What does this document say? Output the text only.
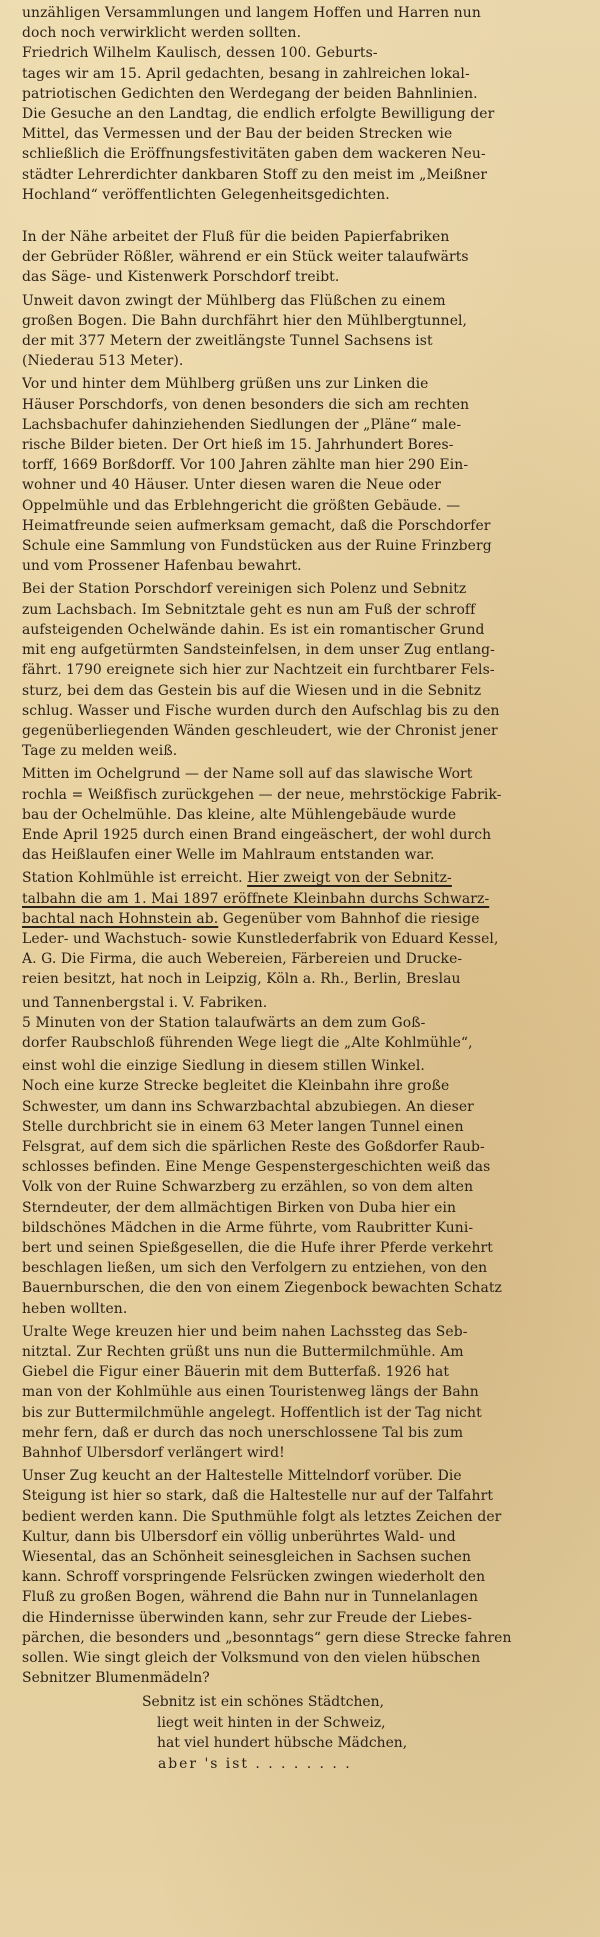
unzähligen Versammlungen und langem Hoffen und Harren nun
doch noch verwirklicht werden sollten.
Friedrich Wilhelm Kaulisch, dessen 100. Geburts-
tages wir am 15. April gedachten, besang in zahlreichen lokal-
patriotischen Gedichten den Werdegang der beiden Bahnlinien.
Die Gesuche an den Landtag, die endlich erfolgte Bewilligung der
Mittel, das Vermessen und der Bau der beiden Strecken wie
schließlich die Eröffnungsfestivitäten gaben dem wackeren Neu-
städter Lehrerdichter dankbaren Stoff zu den meist im „Meißner
Hochland“ veröffentlichten Gelegenheitsgedichten.
In der Nähe arbeitet der Fluß für die beiden Papierfabriken
der Gebrüder Rößler, während er ein Stück weiter talaufwärts
das Säge- und Kistenwerk Porschdorf treibt.
Unweit davon zwingt der Mühlberg das Flüßchen zu einem
großen Bogen. Die Bahn durchfährt hier den Mühlbergtunnel,
der mit 377 Metern der zweitlängste Tunnel Sachsens ist
(Niederau 513 Meter).
Vor und hinter dem Mühlberg grüßen uns zur Linken die
Häuser Porschdorfs, von denen besonders die sich am rechten
Lachsbachufer dahinziehenden Siedlungen der „Pläne“ male-
rische Bilder bieten. Der Ort hieß im 15. Jahrhundert Bores-
torff, 1669 Borßdorff. Vor 100 Jahren zählte man hier 290 Ein-
wohner und 40 Häuser. Unter diesen waren die Neue oder
Oppelmühle und das Erblehngericht die größten Gebäude. —
Heimatfreunde seien aufmerksam gemacht, daß die Porschdorfer
Schule eine Sammlung von Fundstücken aus der Ruine Frinzberg
und vom Prossener Hafenbau bewahrt.
Bei der Station Porschdorf vereinigen sich Polenz und Sebnitz
zum Lachsbach. Im Sebnitztale geht es nun am Fuß der schroff
aufsteigenden Ochelwände dahin. Es ist ein romantischer Grund
mit eng aufgetürmten Sandsteinfelsen, in dem unser Zug entlang-
fährt. 1790 ereignete sich hier zur Nachtzeit ein furchtbarer Fels-
sturz, bei dem das Gestein bis auf die Wiesen und in die Sebnitz
schlug. Wasser und Fische wurden durch den Aufschlag bis zu den
gegenüberliegenden Wänden geschleudert, wie der Chronist jener
Tage zu melden weiß.
Mitten im Ochelgrund — der Name soll auf das slawische Wort
rochla = Weißfisch zurückgehen — der neue, mehrstöckige Fabrik-
bau der Ochelmühle. Das kleine, alte Mühlengebäude wurde
Ende April 1925 durch einen Brand eingeäschert, der wohl durch
das Heißlaufen einer Welle im Mahlraum entstanden war.
Station Kohlmühle ist erreicht. Hier zweigt von der Sebnitz-
talbahn die am 1. Mai 1897 eröffnete Kleinbahn durchs Schwarz-
bachtal nach Hohnstein ab. Gegenüber vom Bahnhof die riesige
Leder- und Wachstuch- sowie Kunstlederfabrik von Eduard Kessel,
A. G. Die Firma, die auch Webereien, Färbereien und Drucke-
reien besitzt, hat noch in Leipzig, Köln a. Rh., Berlin, Breslau
und Tannenbergstal i. V. Fabriken.
5 Minuten von der Station talaufwärts an dem zum Goß-
dorfer Raubschloß führenden Wege liegt die „Alte Kohlmühle“,
einst wohl die einzige Siedlung in diesem stillen Winkel.
Noch eine kurze Strecke begleitet die Kleinbahn ihre große
Schwester, um dann ins Schwarzbachtal abzubiegen. An dieser
Stelle durchbricht sie in einem 63 Meter langen Tunnel einen
Felsgrat, auf dem sich die spärlichen Reste des Goßdorfer Raub-
schlosses befinden. Eine Menge Gespenstergeschichten weiß das
Volk von der Ruine Schwarzberg zu erzählen, so von dem alten
Sterndeuter, der dem allmächtigen Birken von Duba hier ein
bildschönes Mädchen in die Arme führte, vom Raubritter Kuni-
bert und seinen Spießgesellen, die die Hufe ihrer Pferde verkehrt
beschlagen ließen, um sich den Verfolgern zu entziehen, von den
Bauernburschen, die den von einem Ziegenbock bewachten Schatz
heben wollten.
Uralte Wege kreuzen hier und beim nahen Lachssteg das Seb-
nitztal. Zur Rechten grüßt uns nun die Buttermilchmühle. Am
Giebel die Figur einer Bäuerin mit dem Butterfaß. 1926 hat
man von der Kohlmühle aus einen Touristenweg längs der Bahn
bis zur Buttermilchmühle angelegt. Hoffentlich ist der Tag nicht
mehr fern, daß er durch das noch unerschlossene Tal bis zum
Bahnhof Ulbersdorf verlängert wird!
Unser Zug keucht an der Haltestelle Mittelndorf vorüber. Die
Steigung ist hier so stark, daß die Haltestelle nur auf der Talfahrt
bedient werden kann. Die Sputhmühle folgt als letztes Zeichen der
Kultur, dann bis Ulbersdorf ein völlig unberührtes Wald- und
Wiesental, das an Schönheit seinesgleichen in Sachsen suchen
kann. Schroff vorspringende Felsrücken zwingen wiederholt den
Fluß zu großen Bogen, während die Bahn nur in Tunnelanlagen
die Hindernisse überwinden kann, sehr zur Freude der Liebes-
pärchen, die besonders und „besonntags“ gern diese Strecke fahren
sollen. Wie singt gleich der Volksmund von den vielen hübschen
Sebnitzer Blumenmädeln?
Sebnitz ist ein schönes Städtchen,
liegt weit hinten in der Schweiz,
hat viel hundert hübsche Mädchen,
aber 's ist . . . . . . . .
